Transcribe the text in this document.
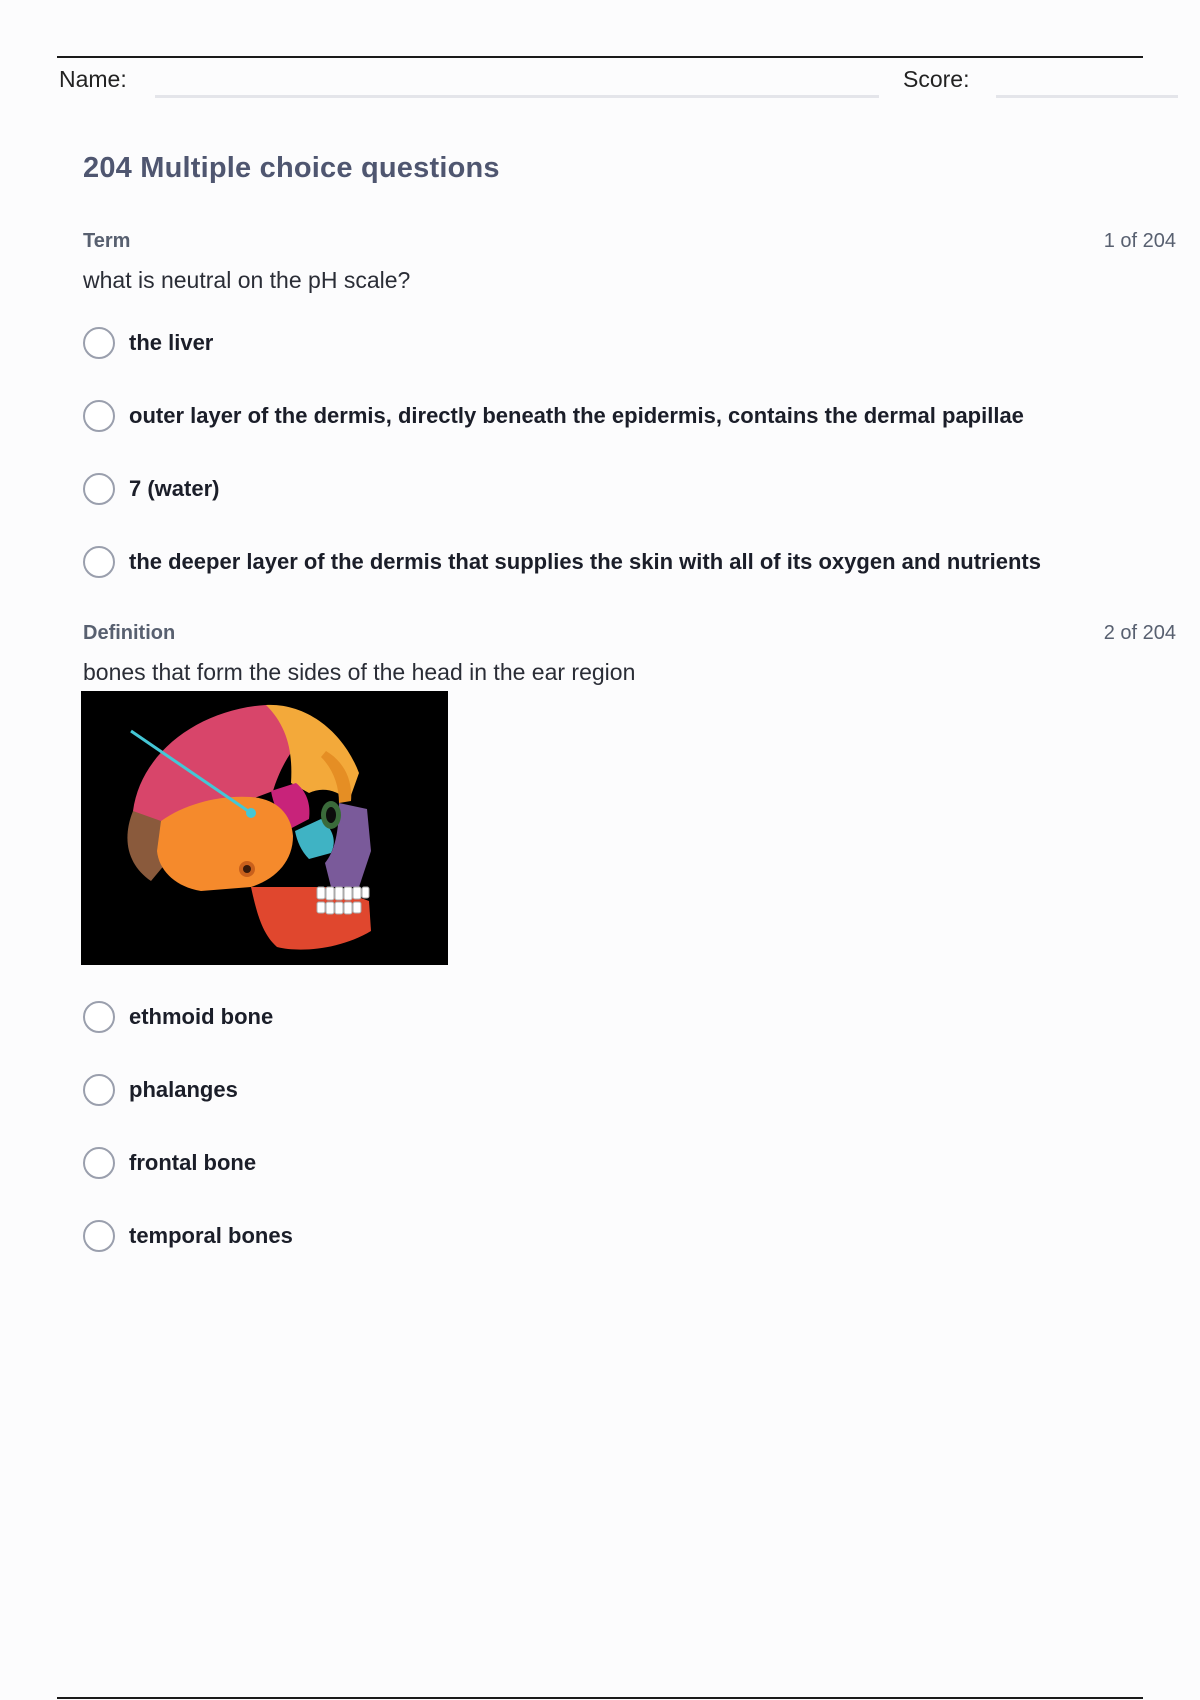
Name:	Score:
204 Multiple choice questions
Term	1 of 204
what is neutral on the pH scale?
the liver
outer layer of the dermis, directly beneath the epidermis, contains the dermal papillae
7 (water)
the deeper layer of the dermis that supplies the skin with all of its oxygen and nutrients
Definition	2 of 204
bones that form the sides of the head in the ear region
ethmoid bone
phalanges
frontal bone
temporal bones
